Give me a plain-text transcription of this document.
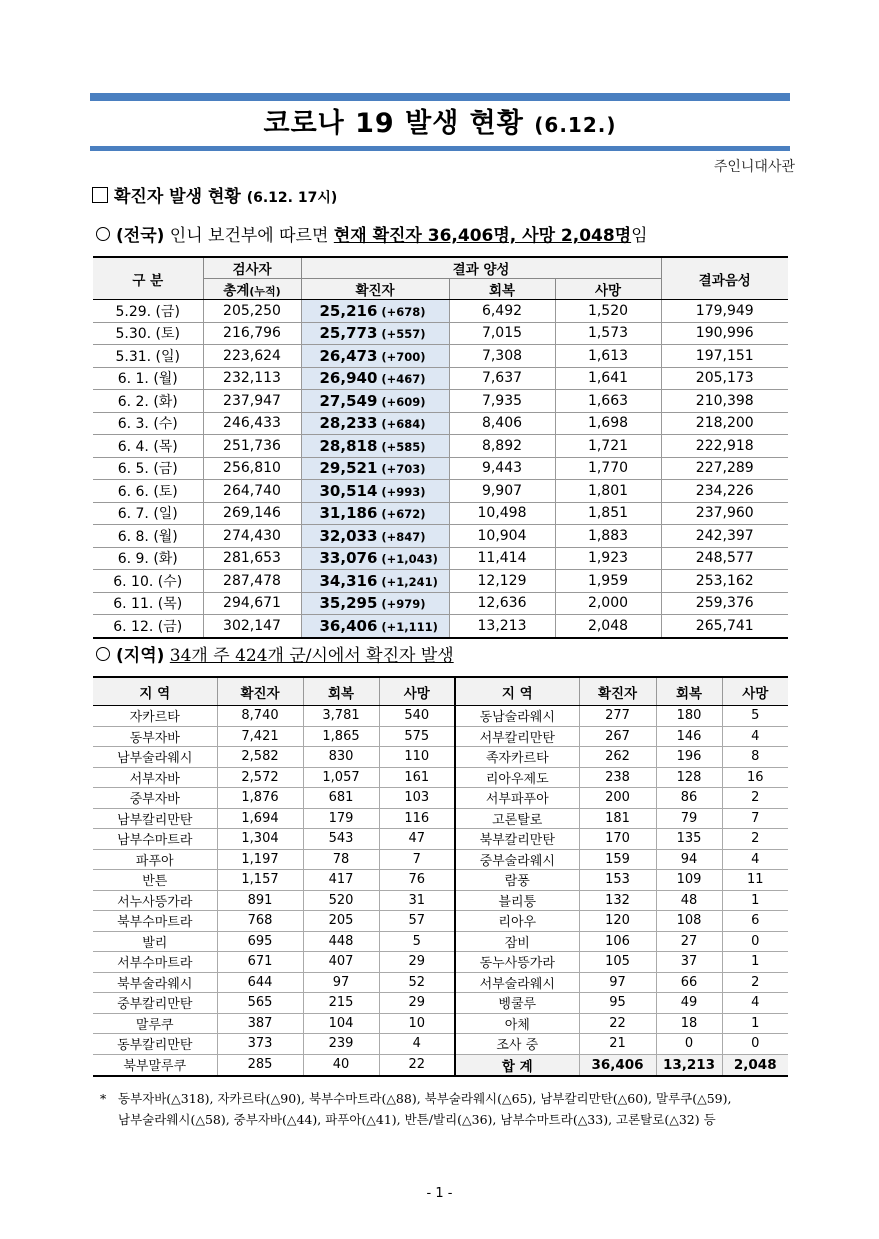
코로나 19 발생 현황 (6.12.)
주인니대사관
확진자 발생 현황 (6.12. 17시)
(전국) 인니 보건부에 따르면 현재 확진자 36,406명, 사망 2,048명임
구 분	검사자	결과 양성			결과음성
	총계(누적)	확진자	회복	사망	
5.29. (금)	205,250	25,216 (+678)	6,492	1,520	179,949
5.30. (토)	216,796	25,773 (+557)	7,015	1,573	190,996
5.31. (일)	223,624	26,473 (+700)	7,308	1,613	197,151
6. 1. (월)	232,113	26,940 (+467)	7,637	1,641	205,173
6. 2. (화)	237,947	27,549 (+609)	7,935	1,663	210,398
6. 3. (수)	246,433	28,233 (+684)	8,406	1,698	218,200
6. 4. (목)	251,736	28,818 (+585)	8,892	1,721	222,918
6. 5. (금)	256,810	29,521 (+703)	9,443	1,770	227,289
6. 6. (토)	264,740	30,514 (+993)	9,907	1,801	234,226
6. 7. (일)	269,146	31,186 (+672)	10,498	1,851	237,960
6. 8. (월)	274,430	32,033 (+847)	10,904	1,883	242,397
6. 9. (화)	281,653	33,076 (+1,043)	11,414	1,923	248,577
6. 10. (수)	287,478	34,316 (+1,241)	12,129	1,959	253,162
6. 11. (목)	294,671	35,295 (+979)	12,636	2,000	259,376
6. 12. (금)	302,147	36,406 (+1,111)	13,213	2,048	265,741
(지역) 34개 주 424개 군/시에서 확진자 발생
지 역	확진자	회복	사망	지 역	확진자	회복	사망
자카르타	8,740	3,781	540	동남술라웨시	277	180	5
동부자바	7,421	1,865	575	서부칼리만탄	267	146	4
남부술라웨시	2,582	830	110	족자카르타	262	196	8
서부자바	2,572	1,057	161	리아우제도	238	128	16
중부자바	1,876	681	103	서부파푸아	200	86	2
남부칼리만탄	1,694	179	116	고론탈로	181	79	7
남부수마트라	1,304	543	47	북부칼리만탄	170	135	2
파푸아	1,197	78	7	중부술라웨시	159	94	4
반튼	1,157	417	76	람풍	153	109	11
서누사뜽가라	891	520	31	블리퉁	132	48	1
북부수마트라	768	205	57	리아우	120	108	6
발리	695	448	5	잠비	106	27	0
서부수마트라	671	407	29	동누사뜽가라	105	37	1
북부술라웨시	644	97	52	서부술라웨시	97	66	2
중부칼리만탄	565	215	29	벵쿨루	95	49	4
말루쿠	387	104	10	아체	22	18	1
동부칼리만탄	373	239	4	조사 중	21	0	0
북부말루쿠	285	40	22	합 계	36,406	13,213	2,048
* 동부자바(△318), 자카르타(△90), 북부수마트라(△88), 북부술라웨시(△65), 남부칼리만탄(△60), 말루쿠(△59),
남부술라웨시(△58), 중부자바(△44), 파푸아(△41), 반튼/발리(△36), 남부수마트라(△33), 고론탈로(△32) 등
- 1 -
